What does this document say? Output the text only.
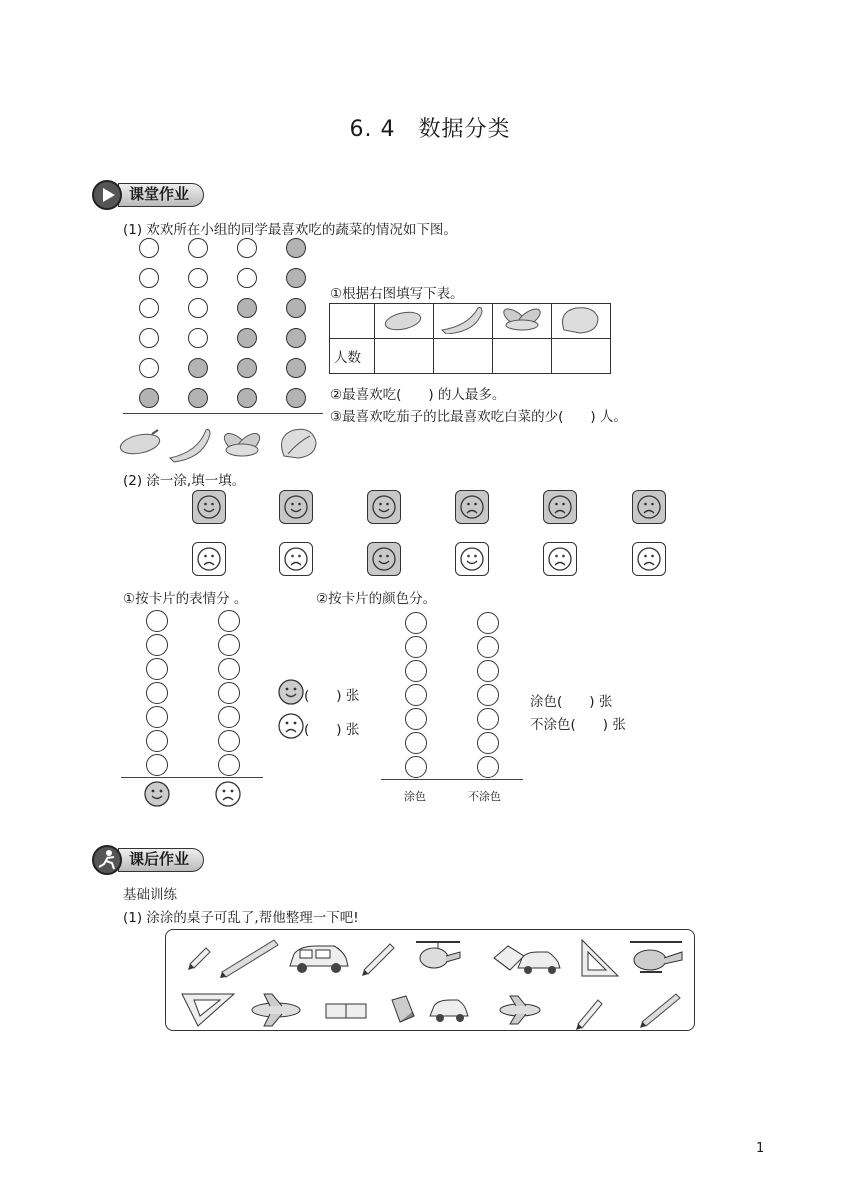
6. 4　数据分类
课堂作业
(1) 欢欢所在小组的同学最喜欢吃的蔬菜的情况如下图。
①根据右图填写下表。

人数				
②最喜欢吃(　　) 的人最多。
③最喜欢吃茄子的比最喜欢吃白菜的少(　　) 人。
(2) 涂一涂,填一填。
①按卡片的表情分 。	②按卡片的颜色分。
(　　) 张
(　　) 张
涂色	不涂色
涂色(　　) 张
不涂色(　　) 张
课后作业
基础训练
(1) 涂涂的桌子可乱了,帮他整理一下吧!
1
